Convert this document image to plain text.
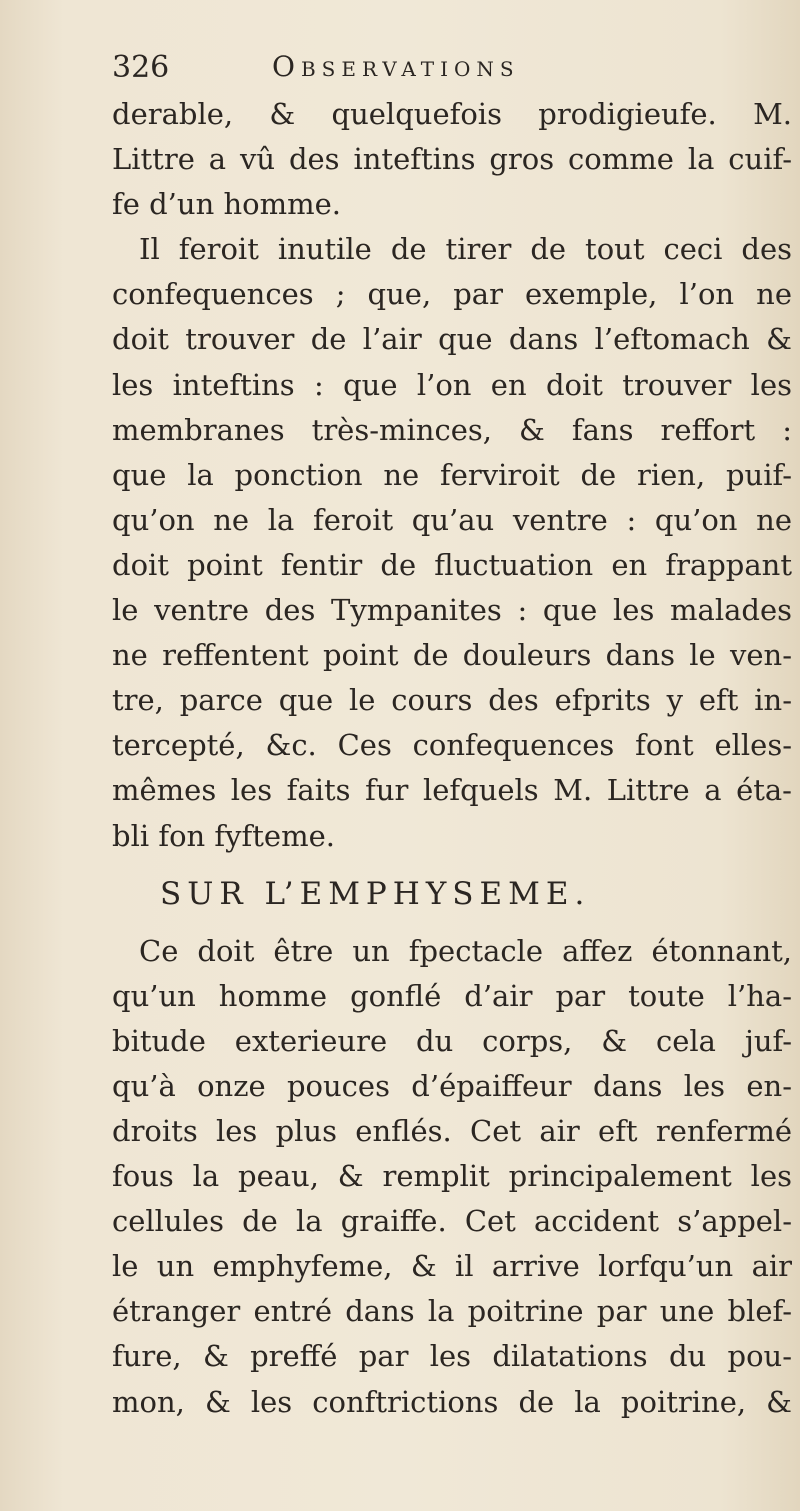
326	Observations
derable, & quelquefois prodigieufe. M.
Littre a vû des inteftins gros comme la cuif-
fe d’un homme.
Il feroit inutile de tirer de tout ceci des
confequences ; que, par exemple, l’on ne
doit trouver de l’air que dans l’eftomach &
les inteftins : que l’on en doit trouver les
membranes très-minces, & fans reffort :
que la ponction ne ferviroit de rien, puif-
qu’on ne la feroit qu’au ventre : qu’on ne
doit point fentir de fluctuation en frappant
le ventre des Tympanites : que les malades
ne reffentent point de douleurs dans le ven-
tre, parce que le cours des efprits y eft in-
tercepté, &c. Ces confequences font elles-
mêmes les faits fur lefquels M. Littre a éta-
bli fon fyfteme.
SUR L’EMPHYSEME.
Ce doit être un fpectacle affez étonnant,
qu’un homme gonflé d’air par toute l’ha-
bitude exterieure du corps, & cela juf-
qu’à onze pouces d’épaiffeur dans les en-
droits les plus enflés. Cet air eft renfermé
fous la peau, & remplit principalement les
cellules de la graiffe. Cet accident s’appel-
le un emphyfeme, & il arrive lorfqu’un air
étranger entré dans la poitrine par une blef-
fure, & preffé par les dilatations du pou-
mon, & les conftrictions de la poitrine, &
